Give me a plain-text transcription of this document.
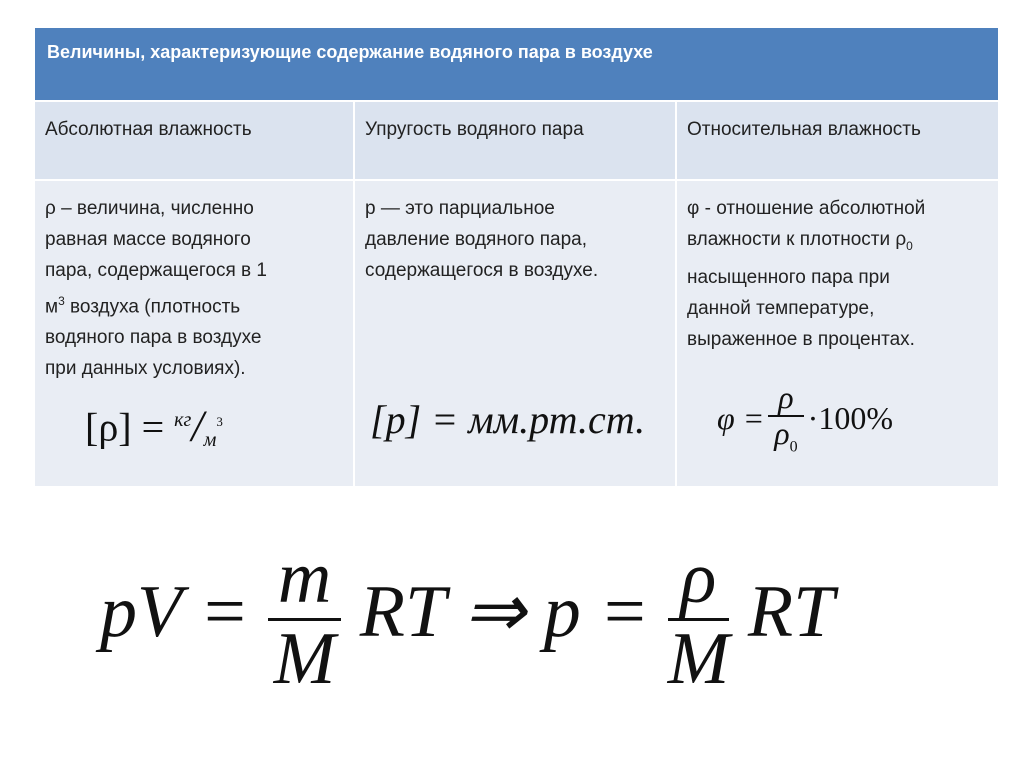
Величины, характеризующие содержание водяного пара в воздухе
Абсолютная влажность	Упругость водяного пара	Относительная влажность
ρ – величина, численно
равная массе водяного
пара, содержащегося в 1
$м^3$ воздуха (плотность
водяного пара в воздухе
при данных условиях).
$[\rho] = ^{кг}/м^3$
p — это парциальное
давление водяного пара,
содержащегося в воздухе.
[p] = мм.рт.ст.
φ - отношение абсолютной
влажности к плотности $\rho_0$
насыщенного пара при
данной температуре,
выраженное в процентах.
$\varphi = \frac{\rho}{\rho_0} \cdot 100\%$
pV = $\frac{m}{M}$ RT ⇒ $p = \frac{\rho}{M}$ RT
